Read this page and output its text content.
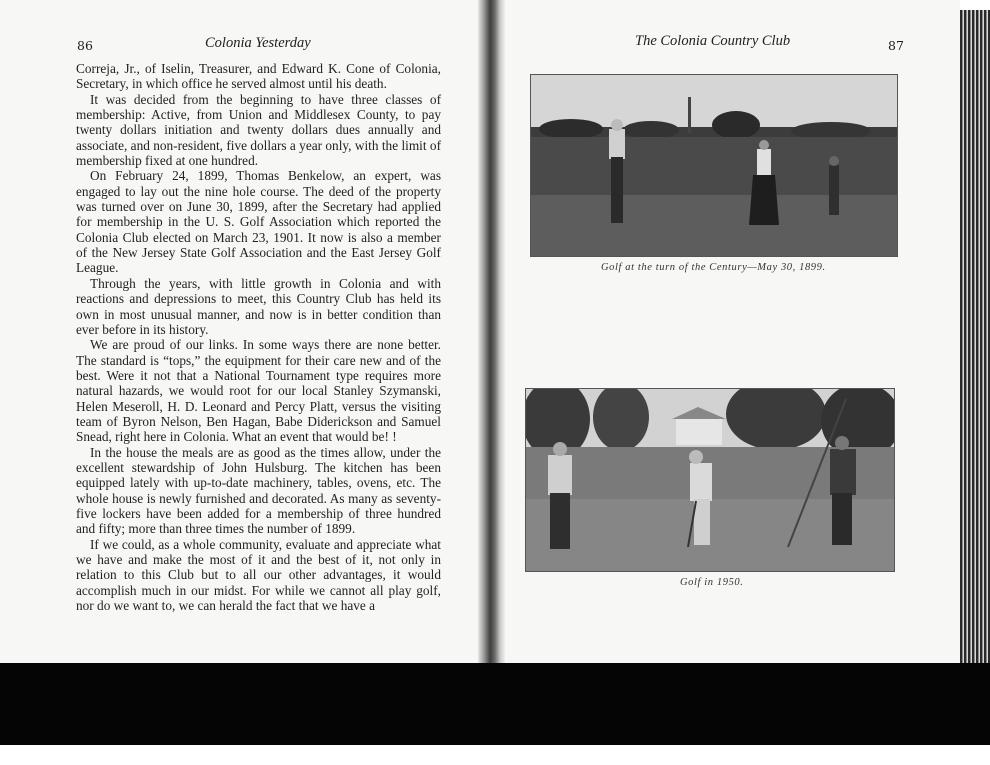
86	Colonia Yesterday

Correja, Jr., of Iselin, Treasurer, and Edward K. Cone of Colonia, Secretary, in which office he served almost until his death.

It was decided from the beginning to have three classes of membership: Active, from Union and Middlesex County, to pay twenty dollars initiation and twenty dollars dues annually and associate, and non-resident, five dollars a year only, with the limit of membership fixed at one hundred.

On February 24, 1899, Thomas Benkelow, an expert, was engaged to lay out the nine hole course. The deed of the property was turned over on June 30, 1899, after the Secretary had applied for membership in the U. S. Golf Association which reported the Colonia Club elected on March 23, 1901. It now is also a member of the New Jersey State Golf Association and the East Jersey Golf League.

Through the years, with little growth in Colonia and with reactions and depressions to meet, this Country Club has held its own in most unusual manner, and now is in better condition than ever before in its history.

We are proud of our links. In some ways there are none better. The standard is “tops,” the equipment for their care new and of the best. Were it not that a National Tournament type requires more natural hazards, we would root for our local Stanley Szymanski, Helen Meseroll, H. D. Leonard and Percy Platt, versus the visiting team of Byron Nelson, Ben Hagan, Babe Diderickson and Samuel Snead, right here in Colonia. What an event that would be! !

In the house the meals are as good as the times allow, under the excellent stewardship of John Hulsburg. The kitchen has been equipped lately with up-to-date machinery, tables, ovens, etc. The whole house is newly furnished and decorated. As many as seventy-five lockers have been added for a membership of three hundred and fifty; more than three times the number of 1899.

If we could, as a whole community, evaluate and appreciate what we have and make the most of it and the best of it, not only in relation to this Club but to all our other advantages, it would accomplish much in our midst. For while we cannot all play golf, nor do we want to, we can herald the fact that we have a

The Colonia Country Club	87
Golf at the turn of the Century—May 30, 1899.
Golf in 1950.
